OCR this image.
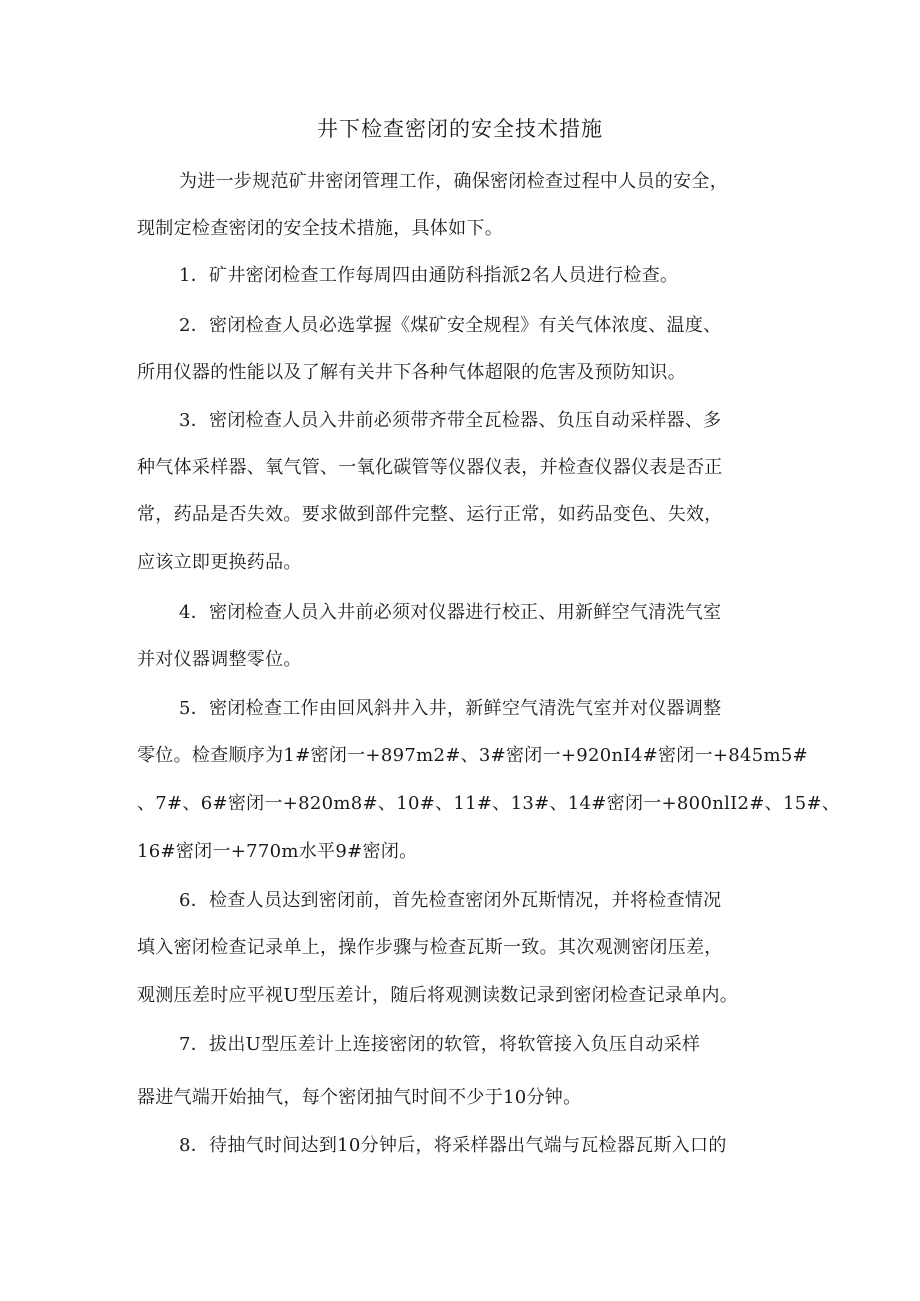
井下检查密闭的安全技术措施
为进一步规范矿井密闭管理工作，确保密闭检查过程中人员的安全，
现制定检查密闭的安全技术措施，具体如下。
1．矿井密闭检查工作每周四由通防科指派2名人员进行检查。
2．密闭检查人员必选掌握《煤矿安全规程》有关气体浓度、温度、
所用仪器的性能以及了解有关井下各种气体超限的危害及预防知识。
3．密闭检查人员入井前必须带齐带全瓦检器、负压自动采样器、多
种气体采样器、氧气管、一氧化碳管等仪器仪表，并检查仪器仪表是否正
常，药品是否失效。要求做到部件完整、运行正常，如药品变色、失效，
应该立即更换药品。
4．密闭检查人员入井前必须对仪器进行校正、用新鲜空气清洗气室
并对仪器调整零位。
5．密闭检查工作由回风斜井入井，新鲜空气清洗气室并对仪器调整
零位。检查顺序为1#密闭一+897m2#、3#密闭一+920nI4#密闭一+845m5#
、7#、6#密闭一+820m8#、10#、11#、13#、14#密闭一+800nlI2#、15#、
16#密闭一+770m水平9#密闭。
6．检查人员达到密闭前，首先检查密闭外瓦斯情况，并将检查情况
填入密闭检查记录单上，操作步骤与检查瓦斯一致。其次观测密闭压差，
观测压差时应平视U型压差计，随后将观测读数记录到密闭检查记录单内。
7．拔出U型压差计上连接密闭的软管，将软管接入负压自动采样
器进气端开始抽气，每个密闭抽气时间不少于10分钟。
8．待抽气时间达到10分钟后，将采样器出气端与瓦检器瓦斯入口的
